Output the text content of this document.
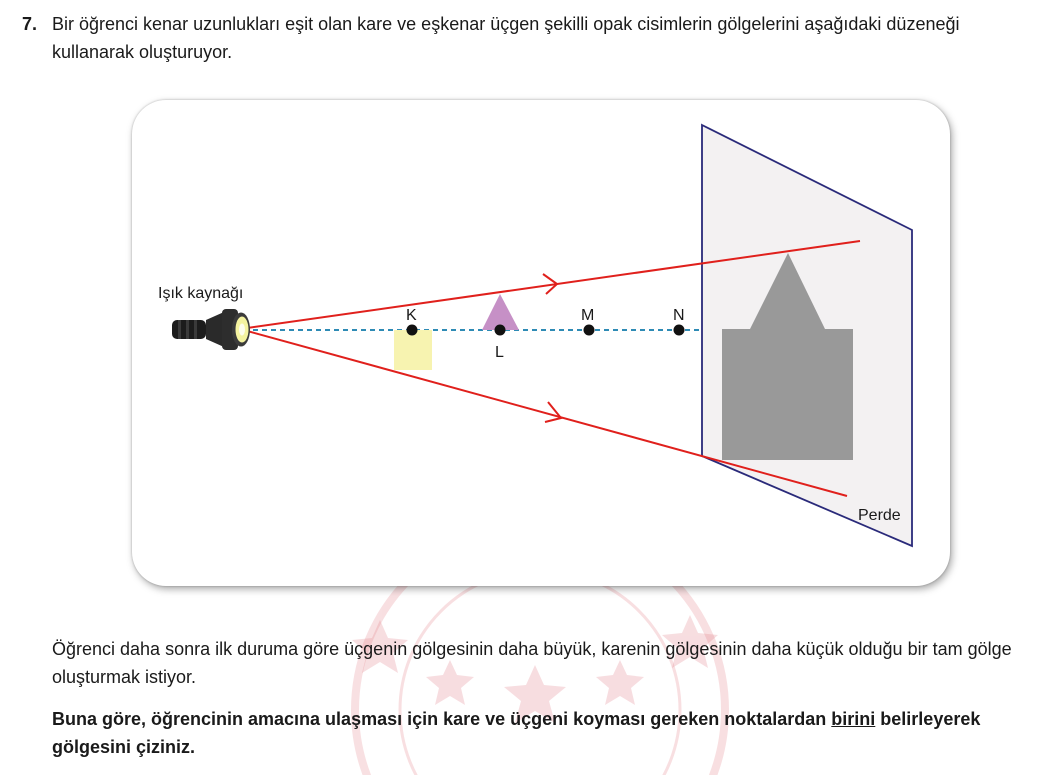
7. Bir öğrenci kenar uzunlukları eşit olan kare ve eşkenar üçgen şekilli opak cisimlerin gölgelerini aşağıdaki düzeneği kullanarak oluşturuyor.
K
L
M	N
Işık kaynağı
Perde
Öğrenci daha sonra ilk duruma göre üçgenin gölgesinin daha büyük, karenin gölgesinin daha küçük olduğu bir tam gölge oluşturmak istiyor.
Buna göre, öğrencinin amacına ulaşması için kare ve üçgeni koyması gereken noktalardan birini belirleyerek gölgesini çiziniz.
